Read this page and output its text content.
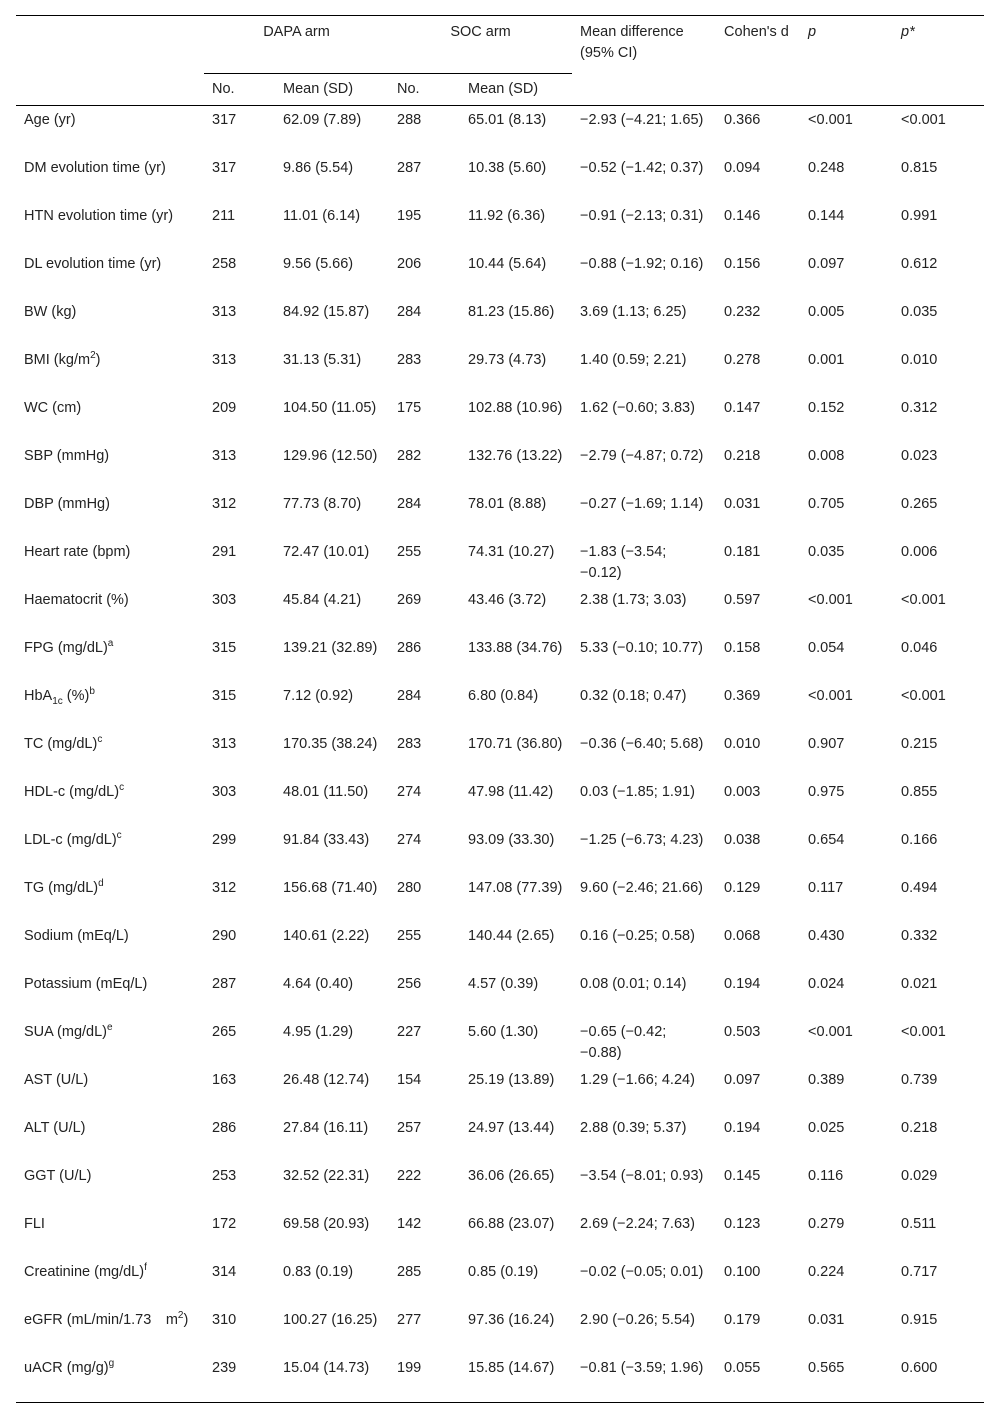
	DAPA arm		SOC arm		Mean difference (95% CI)	Cohen's d	p	p*
	No.	Mean (SD)	No.	Mean (SD)				
Age (yr)	317	62.09 (7.89)	288	65.01 (8.13)	−2.93 (−4.21; 1.65)	0.366	<0.001	<0.001
DM evolution time (yr)	317	9.86 (5.54)	287	10.38 (5.60)	−0.52 (−1.42; 0.37)	0.094	0.248	0.815
HTN evolution time (yr)	211	11.01 (6.14)	195	11.92 (6.36)	−0.91 (−2.13; 0.31)	0.146	0.144	0.991
DL evolution time (yr)	258	9.56 (5.66)	206	10.44 (5.64)	−0.88 (−1.92; 0.16)	0.156	0.097	0.612
BW (kg)	313	84.92 (15.87)	284	81.23 (15.86)	3.69 (1.13; 6.25)	0.232	0.005	0.035
BMI $(kg/m^2)$	313	31.13 (5.31)	283	29.73 (4.73)	1.40 (0.59; 2.21)	0.278	0.001	0.010
WC (cm)	209	104.50 (11.05)	175	102.88 (10.96)	1.62 (−0.60; 3.83)	0.147	0.152	0.312
SBP (mmHg)	313	129.96 (12.50)	282	132.76 (13.22)	−2.79 (−4.87; 0.72)	0.218	0.008	0.023
DBP (mmHg)	312	77.73 (8.70)	284	78.01 (8.88)	−0.27 (−1.69; 1.14)	0.031	0.705	0.265
Heart rate (bpm)	291	72.47 (10.01)	255	74.31 (10.27)	−1.83 (−3.54; −0.12)	0.181	0.035	0.006
Haematocrit (%)	303	45.84 (4.21)	269	43.46 (3.72)	2.38 (1.73; 3.03)	0.597	<0.001	<0.001
FPG $(mg/dL)^a$	315	139.21 (32.89)	286	133.88 (34.76)	5.33 (−0.10; 10.77)	0.158	0.054	0.046
HbA$_{1c}$ (%)$^b$	315	7.12 (0.92)	284	6.80 (0.84)	0.32 (0.18; 0.47)	0.369	<0.001	<0.001
TC $(mg/dL)^c$	313	170.35 (38.24)	283	170.71 (36.80)	−0.36 (−6.40; 5.68)	0.010	0.907	0.215
HDL-c $(mg/dL)^c$	303	48.01 (11.50)	274	47.98 (11.42)	0.03 (−1.85; 1.91)	0.003	0.975	0.855
LDL-c $(mg/dL)^c$	299	91.84 (33.43)	274	93.09 (33.30)	−1.25 (−6.73; 4.23)	0.038	0.654	0.166
TG $(mg/dL)^d$	312	156.68 (71.40)	280	147.08 (77.39)	9.60 (−2.46; 21.66)	0.129	0.117	0.494
Sodium (mEq/L)	290	140.61 (2.22)	255	140.44 (2.65)	0.16 (−0.25; 0.58)	0.068	0.430	0.332
Potassium (mEq/L)	287	4.64 (0.40)	256	4.57 (0.39)	0.08 (0.01; 0.14)	0.194	0.024	0.021
SUA $(mg/dL)^e$	265	4.95 (1.29)	227	5.60 (1.30)	−0.65 (−0.42; −0.88)	0.503	<0.001	<0.001
AST (U/L)	163	26.48 (12.74)	154	25.19 (13.89)	1.29 (−1.66; 4.24)	0.097	0.389	0.739
ALT (U/L)	286	27.84 (16.11)	257	24.97 (13.44)	2.88 (0.39; 5.37)	0.194	0.025	0.218
GGT (U/L)	253	32.52 (22.31)	222	36.06 (26.65)	−3.54 (−8.01; 0.93)	0.145	0.116	0.029
FLI	172	69.58 (20.93)	142	66.88 (23.07)	2.69 (−2.24; 7.63)	0.123	0.279	0.511
Creatinine $(mg/dL)^f$	314	0.83 (0.19)	285	0.85 (0.19)	−0.02 (−0.05; 0.01)	0.100	0.224	0.717
eGFR (mL/min/1.73 $m^2$)	310	100.27 (16.25)	277	97.36 (16.24)	2.90 (−0.26; 5.54)	0.179	0.031	0.915
uACR $(mg/g)^g$	239	15.04 (14.73)	199	15.85 (14.67)	−0.81 (−3.59; 1.96)	0.055	0.565	0.600
